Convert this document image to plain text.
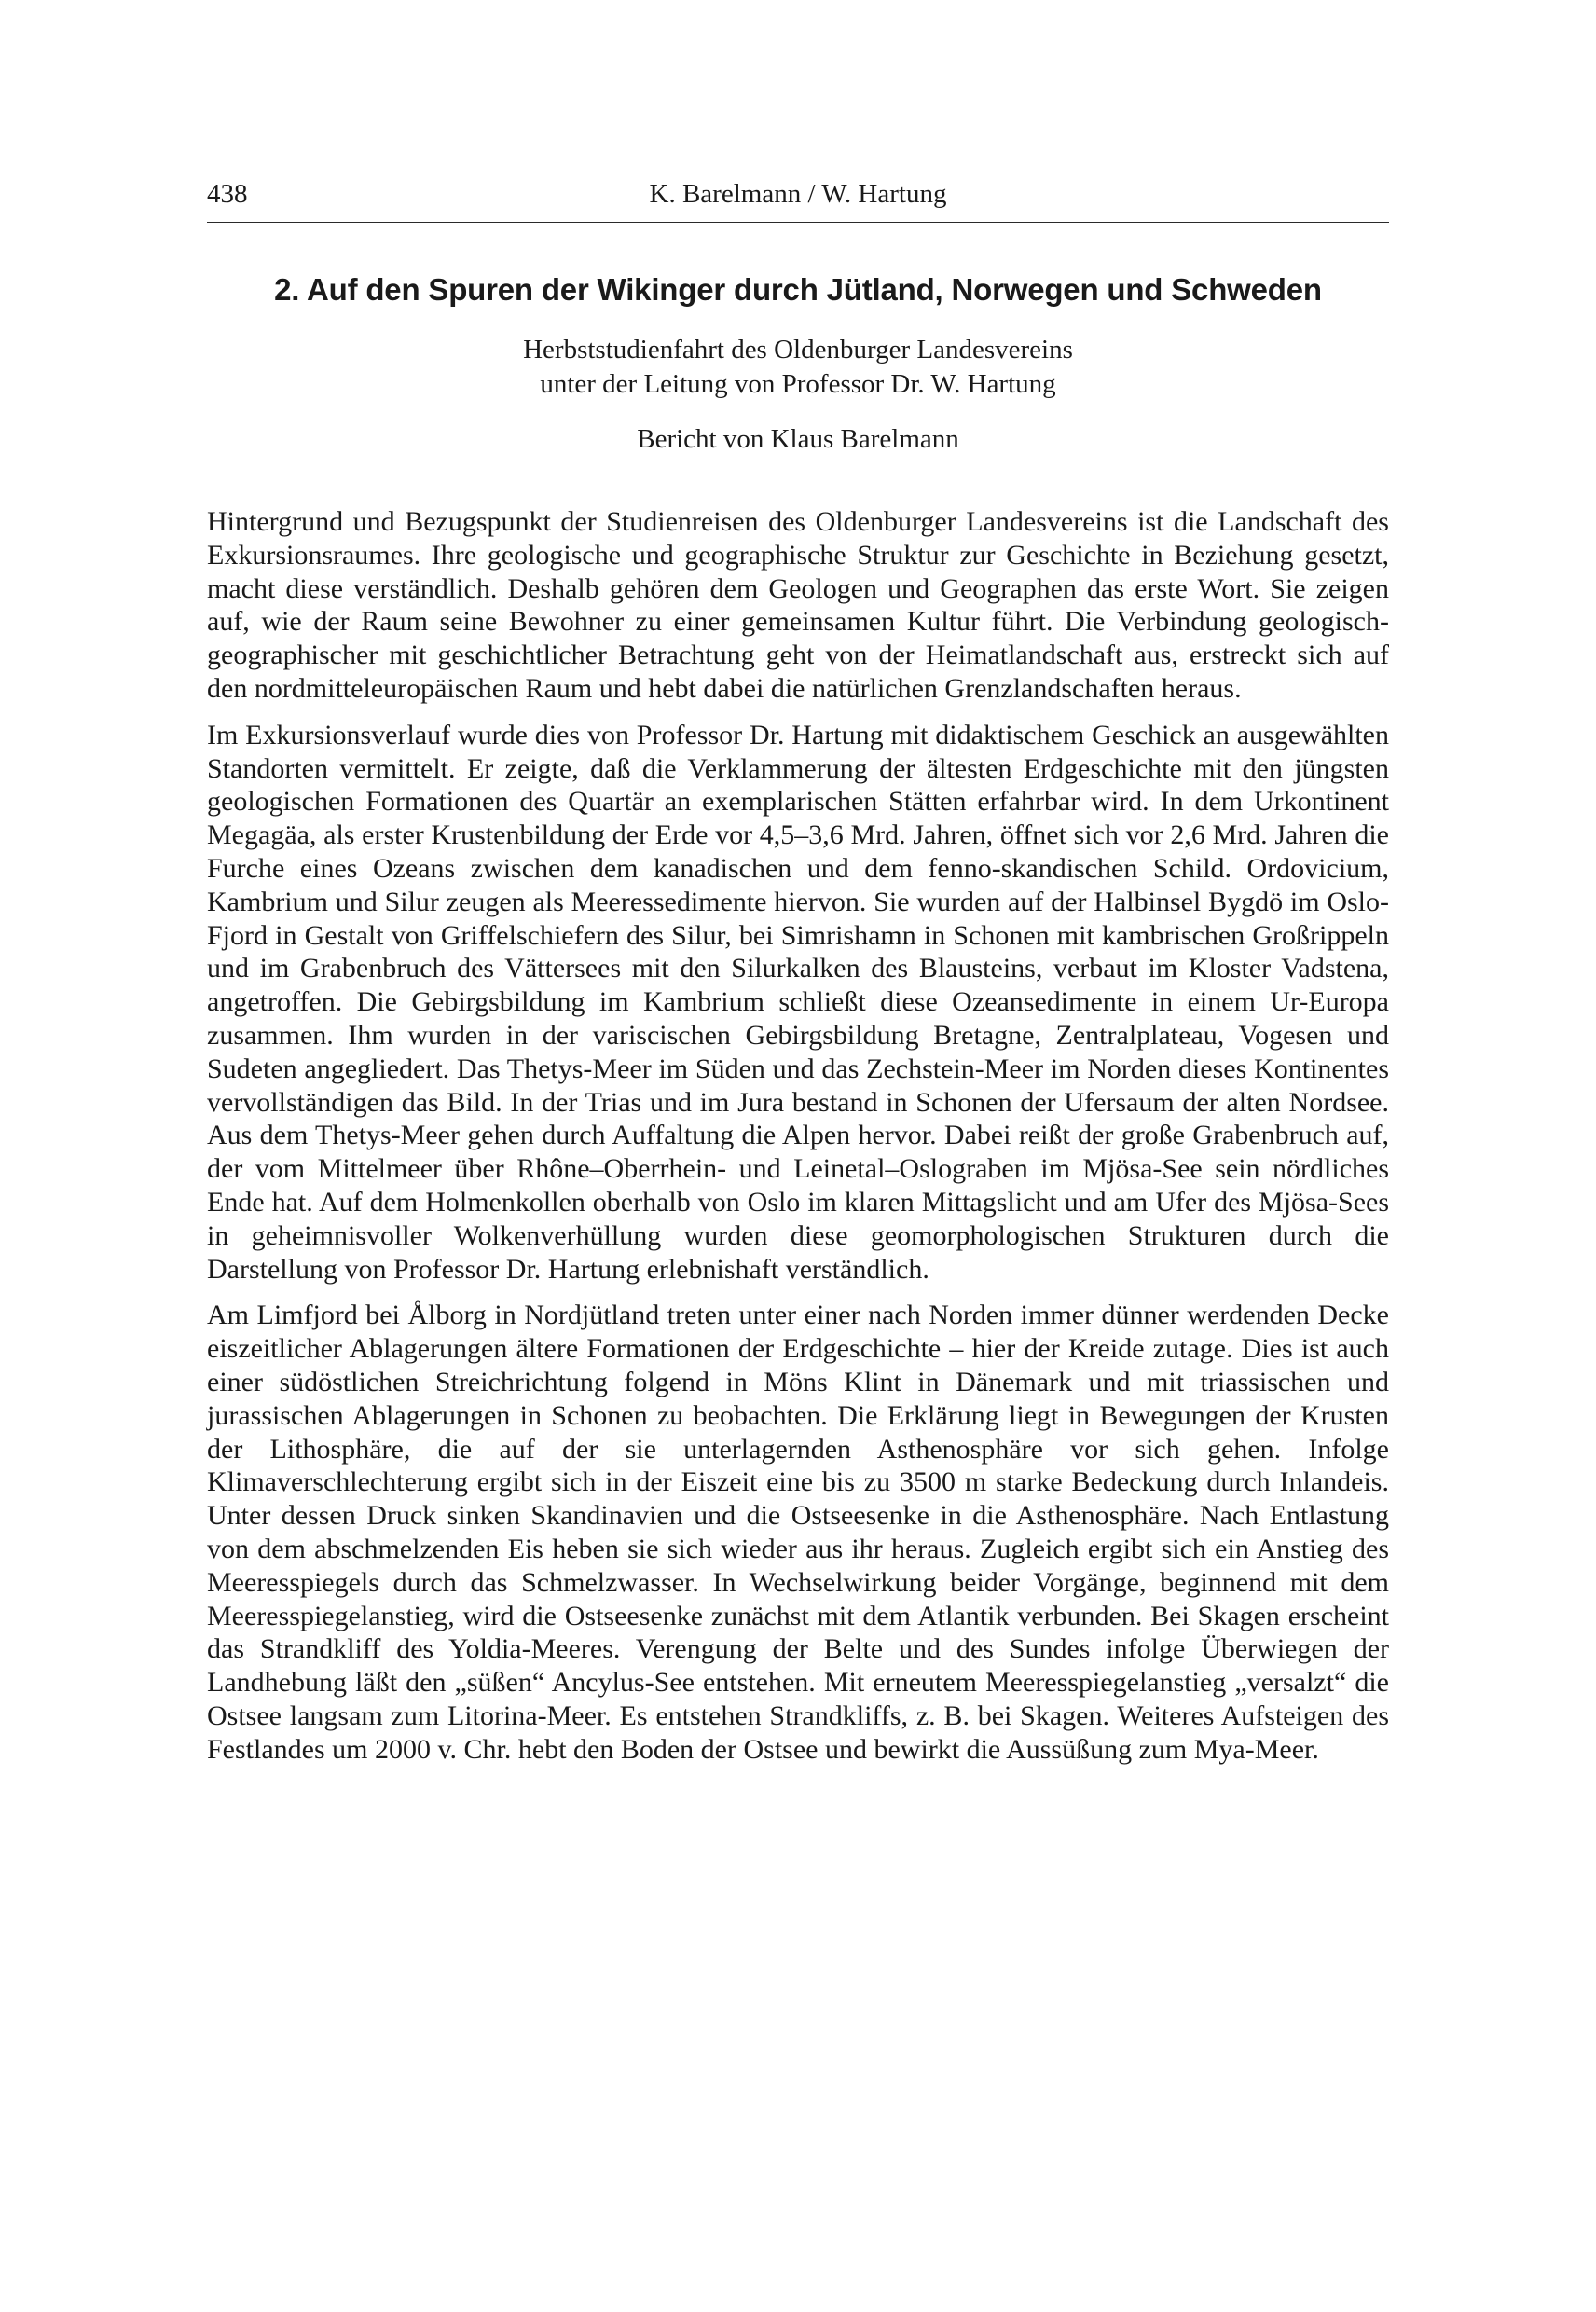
438	K. Barelmann / W. Hartung
2. Auf den Spuren der Wikinger durch Jütland, Norwegen und Schweden
Herbststudienfahrt des Oldenburger Landesvereins
unter der Leitung von Professor Dr. W. Hartung
Bericht von Klaus Barelmann

Hintergrund und Bezugspunkt der Studienreisen des Oldenburger Landesvereins ist die Landschaft des Exkursionsraumes. Ihre geologische und geographische Struktur zur Geschichte in Beziehung gesetzt, macht diese verständlich. Deshalb gehören dem Geologen und Geographen das erste Wort. Sie zeigen auf, wie der Raum seine Bewohner zu einer gemeinsamen Kultur führt. Die Verbindung geologisch-geographischer mit geschichtlicher Betrachtung geht von der Heimatlandschaft aus, erstreckt sich auf den nordmitteleuropäischen Raum und hebt dabei die natürlichen Grenzlandschaften heraus.

Im Exkursionsverlauf wurde dies von Professor Dr. Hartung mit didaktischem Geschick an ausgewählten Standorten vermittelt. Er zeigte, daß die Verklammerung der ältesten Erdgeschichte mit den jüngsten geologischen Formationen des Quartär an exemplarischen Stätten erfahrbar wird. In dem Urkontinent Megagäa, als erster Krustenbildung der Erde vor 4,5–3,6 Mrd. Jahren, öffnet sich vor 2,6 Mrd. Jahren die Furche eines Ozeans zwischen dem kanadischen und dem fenno-skandischen Schild. Ordovicium, Kambrium und Silur zeugen als Meeressedimente hiervon. Sie wurden auf der Halbinsel Bygdö im Oslo-Fjord in Gestalt von Griffelschiefern des Silur, bei Simrishamn in Schonen mit kambrischen Großrippeln und im Grabenbruch des Vättersees mit den Silurkalken des Blausteins, verbaut im Kloster Vadstena, angetroffen. Die Gebirgsbildung im Kambrium schließt diese Ozeansedimente in einem Ur-Europa zusammen. Ihm wurden in der variscischen Gebirgsbildung Bretagne, Zentralplateau, Vogesen und Sudeten angegliedert. Das Thetys-Meer im Süden und das Zechstein-Meer im Norden dieses Kontinentes vervollständigen das Bild. In der Trias und im Jura bestand in Schonen der Ufersaum der alten Nordsee. Aus dem Thetys-Meer gehen durch Auffaltung die Alpen hervor. Dabei reißt der große Grabenbruch auf, der vom Mittelmeer über Rhône–Oberrhein- und Leinetal–Oslograben im Mjösa-See sein nördliches Ende hat. Auf dem Holmenkollen oberhalb von Oslo im klaren Mittagslicht und am Ufer des Mjösa-Sees in geheimnisvoller Wolkenverhüllung wurden diese geomorphologischen Strukturen durch die Darstellung von Professor Dr. Hartung erlebnishaft verständlich.

Am Limfjord bei Ålborg in Nordjütland treten unter einer nach Norden immer dünner werdenden Decke eiszeitlicher Ablagerungen ältere Formationen der Erdgeschichte – hier der Kreide zutage. Dies ist auch einer südöstlichen Streichrichtung folgend in Möns Klint in Dänemark und mit triassischen und jurassischen Ablagerungen in Schonen zu beobachten. Die Erklärung liegt in Bewegungen der Krusten der Lithosphäre, die auf der sie unterlagernden Asthenosphäre vor sich gehen. Infolge Klimaverschlechterung ergibt sich in der Eiszeit eine bis zu 3500 m starke Bedeckung durch Inlandeis. Unter dessen Druck sinken Skandinavien und die Ostseesenke in die Asthenosphäre. Nach Entlastung von dem abschmelzenden Eis heben sie sich wieder aus ihr heraus. Zugleich ergibt sich ein Anstieg des Meeresspiegels durch das Schmelzwasser. In Wechselwirkung beider Vorgänge, beginnend mit dem Meeresspiegelanstieg, wird die Ostseesenke zunächst mit dem Atlantik verbunden. Bei Skagen erscheint das Strandkliff des Yoldia-Meeres. Verengung der Belte und des Sundes infolge Überwiegen der Landhebung läßt den „süßen“ Ancylus-See entstehen. Mit erneutem Meeresspiegelanstieg „versalzt“ die Ostsee langsam zum Litorina-Meer. Es entstehen Strandkliffs, z. B. bei Skagen. Weiteres Aufsteigen des Festlandes um 2000 v. Chr. hebt den Boden der Ostsee und bewirkt die Aussüßung zum Mya-Meer.
